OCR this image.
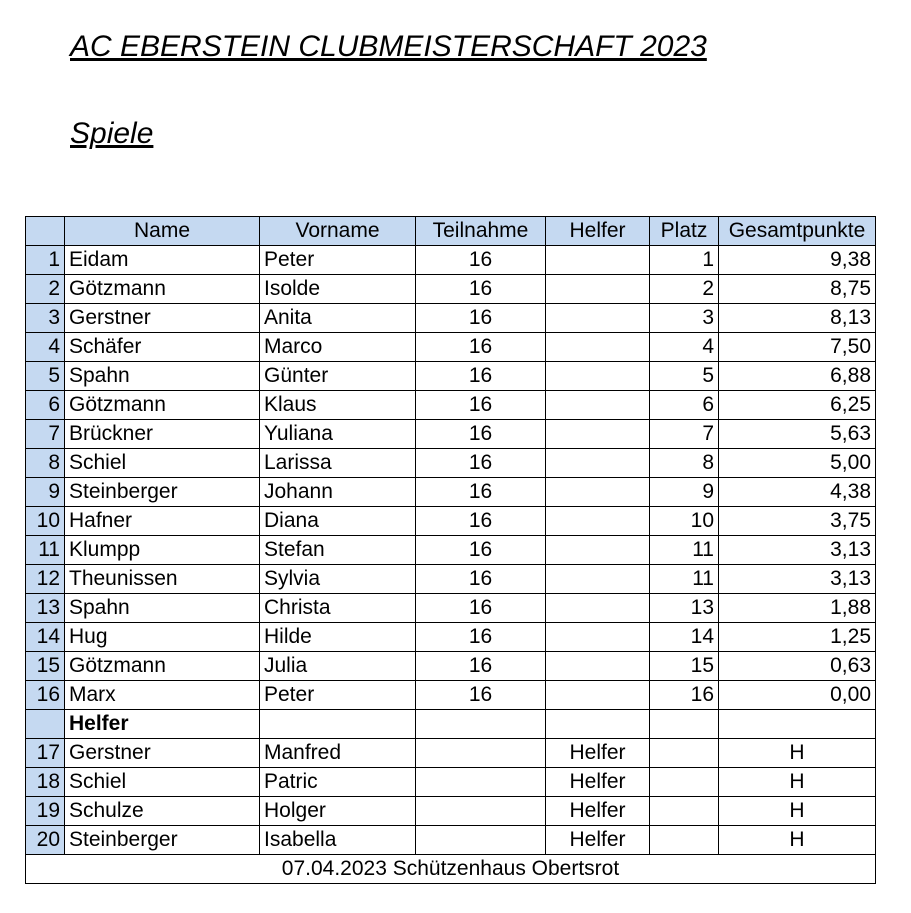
AC EBERSTEIN CLUBMEISTERSCHAFT 2023
Spiele
	Name	Vorname	Teilnahme	Helfer	Platz	Gesamtpunkte
1	Eidam	Peter	16		1	9,38
2	Götzmann	Isolde	16		2	8,75
3	Gerstner	Anita	16		3	8,13
4	Schäfer	Marco	16		4	7,50
5	Spahn	Günter	16		5	6,88
6	Götzmann	Klaus	16		6	6,25
7	Brückner	Yuliana	16		7	5,63
8	Schiel	Larissa	16		8	5,00
9	Steinberger	Johann	16		9	4,38
10	Hafner	Diana	16		10	3,75
11	Klumpp	Stefan	16		11	3,13
12	Theunissen	Sylvia	16		11	3,13
13	Spahn	Christa	16		13	1,88
14	Hug	Hilde	16		14	1,25
15	Götzmann	Julia	16		15	0,63
16	Marx	Peter	16		16	0,00
	Helfer					
17	Gerstner	Manfred		Helfer		H
18	Schiel	Patric		Helfer		H
19	Schulze	Holger		Helfer		H
20	Steinberger	Isabella		Helfer		H
07.04.2023 Schützenhaus Obertsrot						
